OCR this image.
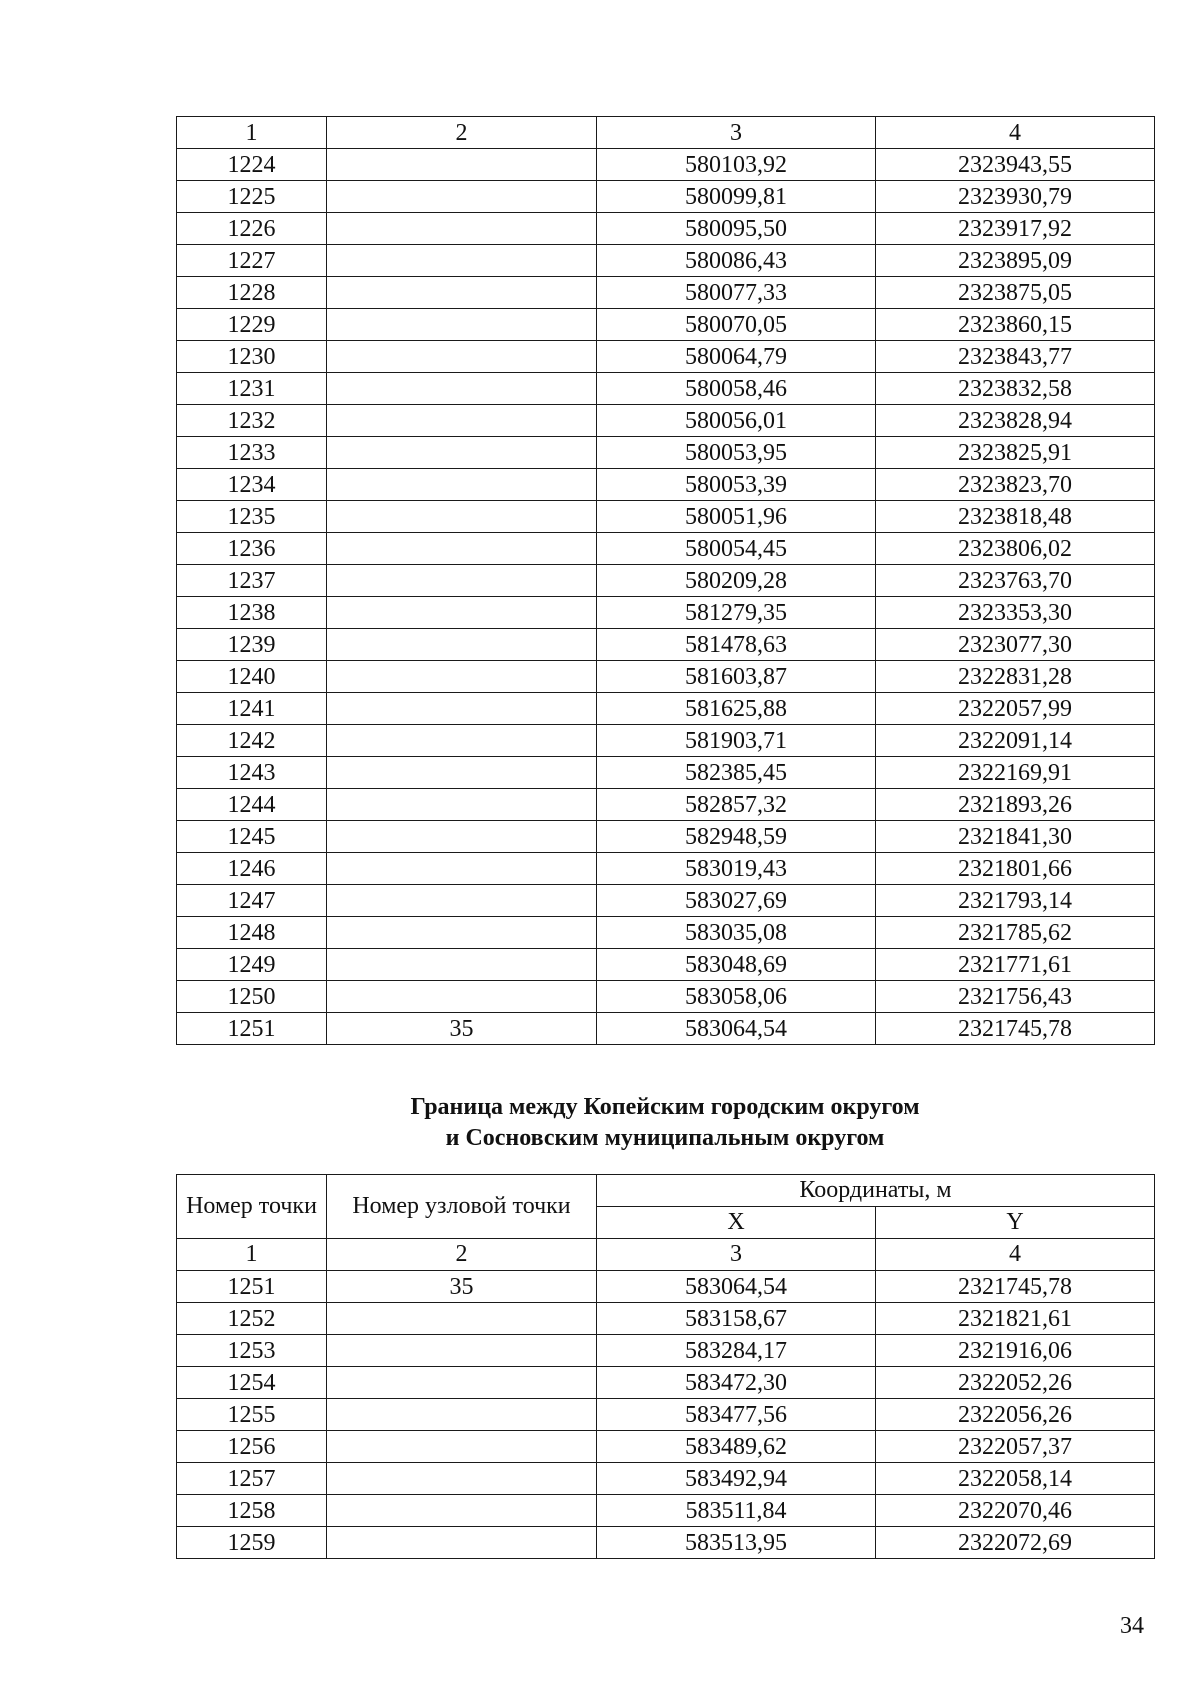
1	2	3	4
1224		580103,92	2323943,55
1225		580099,81	2323930,79
1226		580095,50	2323917,92
1227		580086,43	2323895,09
1228		580077,33	2323875,05
1229		580070,05	2323860,15
1230		580064,79	2323843,77
1231		580058,46	2323832,58
1232		580056,01	2323828,94
1233		580053,95	2323825,91
1234		580053,39	2323823,70
1235		580051,96	2323818,48
1236		580054,45	2323806,02
1237		580209,28	2323763,70
1238		581279,35	2323353,30
1239		581478,63	2323077,30
1240		581603,87	2322831,28
1241		581625,88	2322057,99
1242		581903,71	2322091,14
1243		582385,45	2322169,91
1244		582857,32	2321893,26
1245		582948,59	2321841,30
1246		583019,43	2321801,66
1247		583027,69	2321793,14
1248		583035,08	2321785,62
1249		583048,69	2321771,61
1250		583058,06	2321756,43
1251	35	583064,54	2321745,78
Граница между Копейским городским округом
и Сосновским муниципальным округом
Номер точки	Номер узловой точки	Координаты, м	
		X	Y
1	2	3	4
1251	35	583064,54	2321745,78
1252		583158,67	2321821,61
1253		583284,17	2321916,06
1254		583472,30	2322052,26
1255		583477,56	2322056,26
1256		583489,62	2322057,37
1257		583492,94	2322058,14
1258		583511,84	2322070,46
1259		583513,95	2322072,69
34
